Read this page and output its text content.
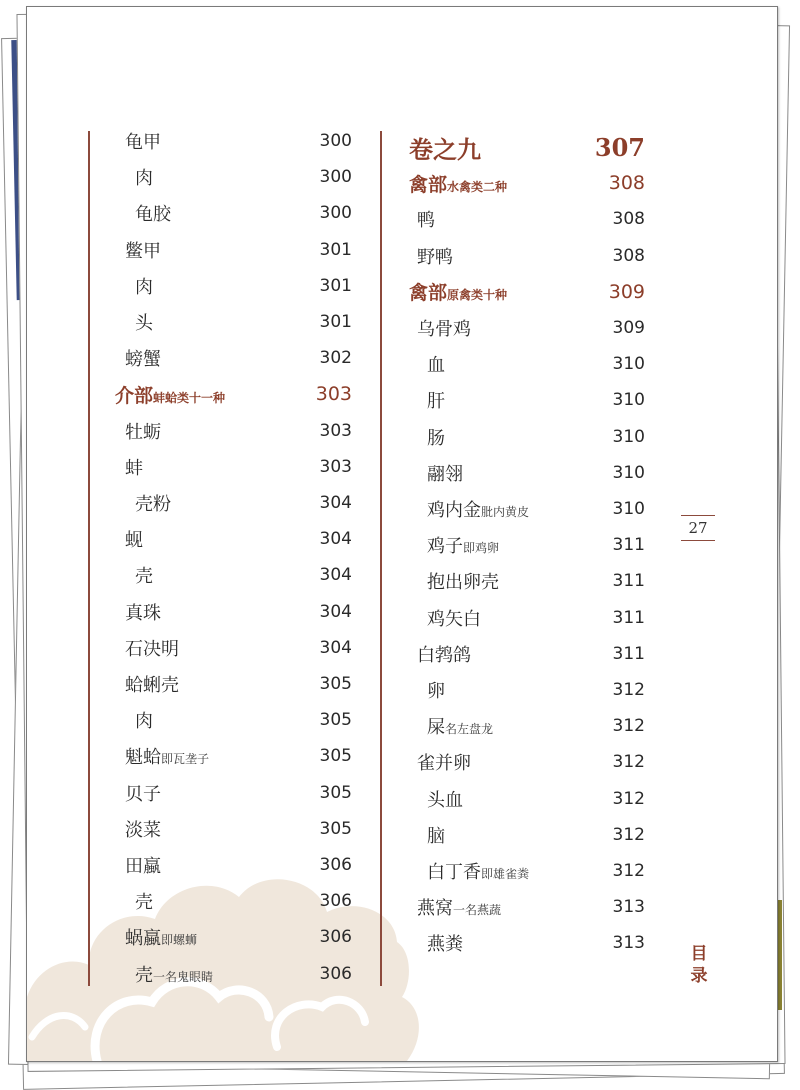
龟甲	300
肉	300
龟胶	300
鳖甲	301
肉	301
头	301
螃蟹	302
介部蚌蛤类十一种	303
牡蛎	303
蚌	303
壳粉	304
蚬	304
壳	304
真珠	304
石决明	304
蛤蜊壳	305
肉	305
魁蛤即瓦垄子	305
贝子	305
淡菜	305
田蠃	306
壳	306
蜗蠃即螺蛳	306
壳一名鬼眼睛	306
卷之九	307
禽部水禽类二种	308
鸭	308
野鸭	308
禽部原禽类十种	309
乌骨鸡	309
血	310
肝	310
肠	310
翮翎	310
鸡内金肶内黄皮	310
鸡子即鸡卵	311
抱出卵壳	311
鸡矢白	311
白鹁鸽	311
卵	312
屎名左盘龙	312
雀并卵	312
头血	312
脑	312
白丁香即雄雀粪	312
燕窝一名燕蔬	313
燕粪	313
27
目
录
